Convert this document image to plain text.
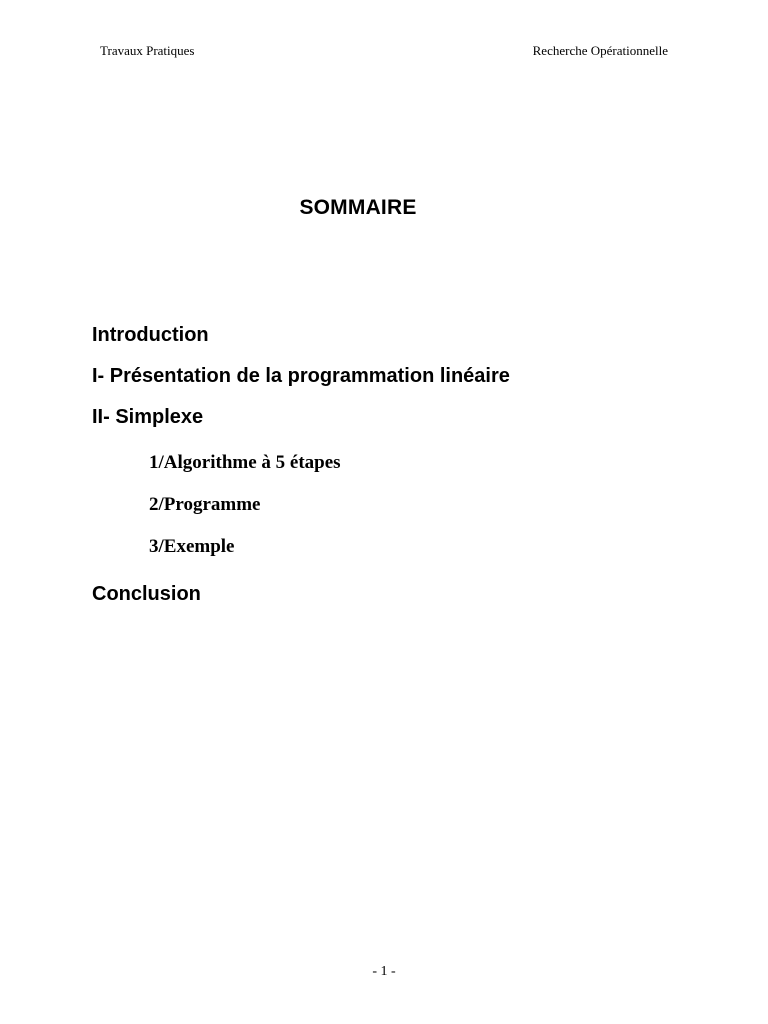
Travaux Pratiques	Recherche Opérationnelle
SOMMAIRE
Introduction
I- Présentation de la programmation linéaire
II- Simplexe
1/Algorithme à 5 étapes
2/Programme
3/Exemple
Conclusion
- 1 -
